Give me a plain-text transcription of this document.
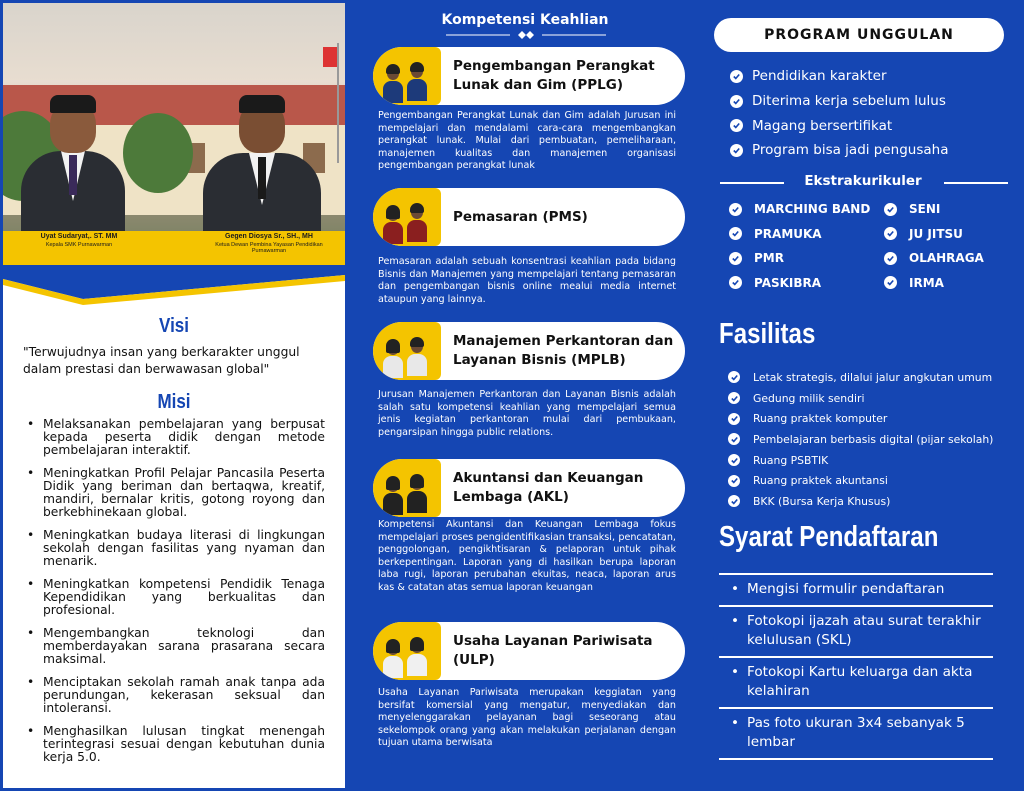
Uyat Sudaryat,. ST. MM
Kepala SMK Purnawarman
Gegen Diosya Sr., SH., MH
Ketua Dewan Pembina Yayasan Pendidikan Purnawarman
Visi
"Terwujudnya insan yang berkarakter unggul dalam prestasi dan berwawasan global"
Misi
• Melaksanakan pembelajaran yang berpusat kepada peserta didik dengan metode pembelajaran interaktif.
• Meningkatkan Profil Pelajar Pancasila Peserta Didik yang beriman dan bertaqwa, kreatif, mandiri, bernalar kritis, gotong royong dan berkebhinekaan global.
• Meningkatkan budaya literasi di lingkungan sekolah dengan fasilitas yang nyaman dan menarik.
• Meningkatkan kompetensi Pendidik Tenaga Kependidikan yang berkualitas dan profesional.
• Mengembangkan teknologi dan memberdayakan sarana prasarana secara maksimal.
• Menciptakan sekolah ramah anak tanpa ada perundungan, kekerasan seksual dan intoleransi.
• Menghasilkan lulusan tingkat menengah terintegrasi sesuai dengan kebutuhan dunia kerja 5.0.
Kompetensi Keahlian
Pengembangan Perangkat Lunak dan Gim (PPLG)
Pengembangan Perangkat Lunak dan Gim adalah Jurusan ini mempelajari dan mendalami cara-cara mengembangkan perangkat lunak. Mulai dari pembuatan, pemeliharaan, manajemen kualitas dan manajemen organisasi pengembangan perangkat lunak
Pemasaran (PMS)
Pemasaran adalah sebuah konsentrasi keahlian pada bidang Bisnis dan Manajemen yang mempelajari tentang pemasaran dan pengembangan bisnis online mealui media internet ataupun yang lainnya.
Manajemen Perkantoran dan Layanan Bisnis (MPLB)
Jurusan Manajemen Perkantoran dan Layanan Bisnis adalah salah satu kompetensi keahlian yang mempelajari semua jenis kegiatan perkantoran mulai dari pembukaan, pengarsipan hingga public relations.
Akuntansi dan Keuangan Lembaga (AKL)
Kompetensi Akuntansi dan Keuangan Lembaga fokus mempelajari proses pengidentifikasian transaksi, pencatatan, penggolongan, pengikhtisaran & pelaporan untuk pihak berkepentingan. Laporan yang di hasilkan berupa laporan laba rugi, laporan perubahan ekuitas, neaca, laporan arus kas & catatan atas semua laporan keuangan
Usaha Layanan Pariwisata (ULP)
Usaha Layanan Pariwisata merupakan keggiatan yang bersifat komersial yang mengatur, menyediakan dan menyelenggarakan pelayanan bagi seseorang atau sekelompok orang yang akan melakukan perjalanan dengan tujuan utama berwisata
PROGRAM UNGGULAN
Pendidikan karakter
Diterima kerja sebelum lulus
Magang bersertifikat
Program bisa jadi pengusaha
Ekstrakurikuler
MARCHING BAND
PRAMUKA
PMR
PASKIBRA
SENI
JU JITSU
OLAHRAGA
IRMA
Fasilitas
Letak strategis, dilalui jalur angkutan umum
Gedung milik sendiri
Ruang praktek komputer
Pembelajaran berbasis digital (pijar sekolah)
Ruang PSBTIK
Ruang praktek akuntansi
BKK (Bursa Kerja Khusus)
Syarat Pendaftaran
• Mengisi formulir pendaftaran
• Fotokopi ijazah atau surat terakhir kelulusan (SKL)
• Fotokopi Kartu keluarga dan akta kelahiran
• Pas foto ukuran 3x4 sebanyak 5 lembar
